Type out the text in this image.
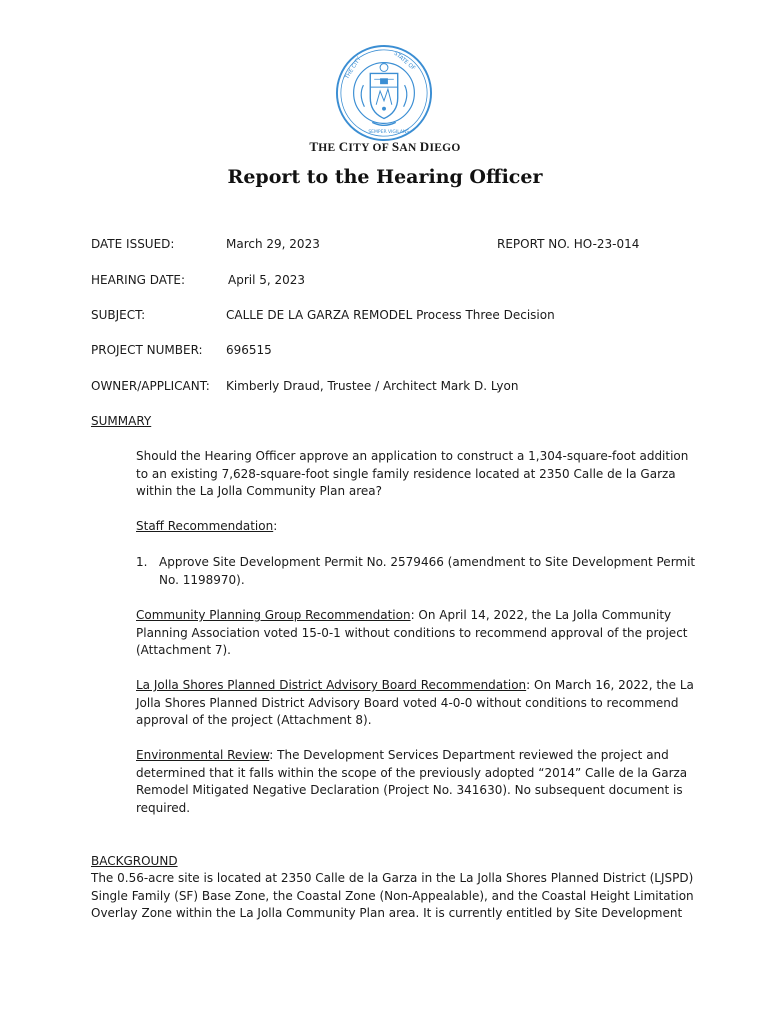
THE CITY	STATE OF
SEMPER VIGILANS
THE CITY OF SAN DIEGO
Report to the Hearing Officer
DATE ISSUED:	March 29, 2023	REPORT NO. HO-23-014
HEARING DATE:	April 5, 2023
SUBJECT:	CALLE DE LA GARZA REMODEL Process Three Decision
PROJECT NUMBER: 696515
OWNER/APPLICANT: Kimberly Draud, Trustee / Architect Mark D. Lyon
SUMMARY
Should the Hearing Officer approve an application to construct a 1,304-square-foot addition
to an existing 7,628-square-foot single family residence located at 2350 Calle de la Garza
within the La Jolla Community Plan area?
Staff Recommendation:
1. Approve Site Development Permit No. 2579466 (amendment to Site Development Permit
No. 1198970).
Community Planning Group Recommendation: On April 14, 2022, the La Jolla Community
Planning Association voted 15-0-1 without conditions to recommend approval of the project
(Attachment 7).
La Jolla Shores Planned District Advisory Board Recommendation: On March 16, 2022, the La
Jolla Shores Planned District Advisory Board voted 4-0-0 without conditions to recommend
approval of the project (Attachment 8).
Environmental Review: The Development Services Department reviewed the project and
determined that it falls within the scope of the previously adopted “2014” Calle de la Garza
Remodel Mitigated Negative Declaration (Project No. 341630). No subsequent document is
required.
BACKGROUND
The 0.56-acre site is located at 2350 Calle de la Garza in the La Jolla Shores Planned District (LJSPD)
Single Family (SF) Base Zone, the Coastal Zone (Non-Appealable), and the Coastal Height Limitation
Overlay Zone within the La Jolla Community Plan area. It is currently entitled by Site Development
